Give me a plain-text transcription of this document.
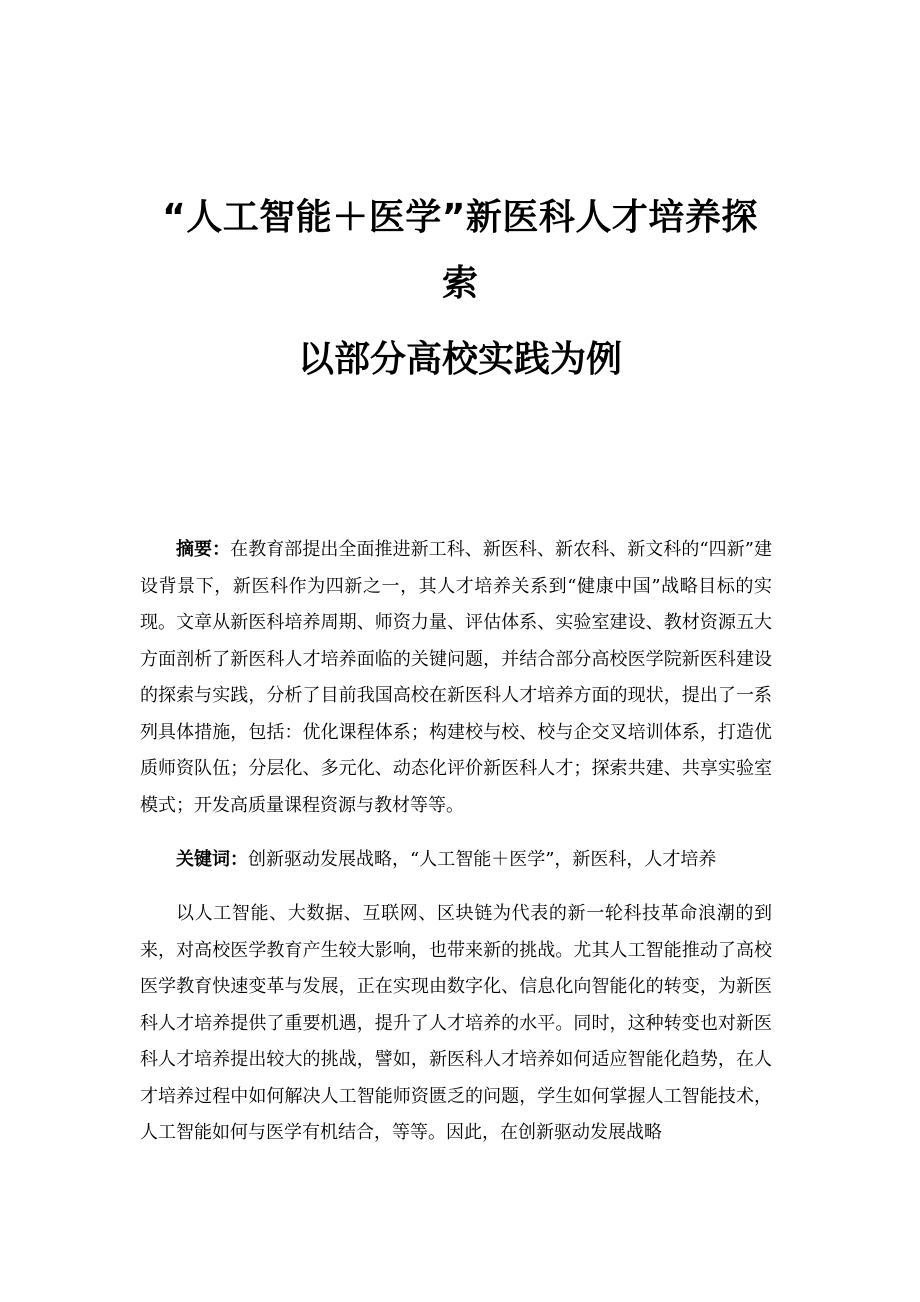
“人工智能＋医学”新医科人才培养探
索
以部分高校实践为例

摘要：在教育部提出全面推进新工科、新医科、新农科、新文科的“四新”建设背景下，新医科作为四新之一，其人才培养关系到“健康中国”战略目标的实现。文章从新医科培养周期、师资力量、评估体系、实验室建设、教材资源五大方面剖析了新医科人才培养面临的关键问题，并结合部分高校医学院新医科建设的探索与实践，分析了目前我国高校在新医科人才培养方面的现状，提出了一系列具体措施，包括：优化课程体系；构建校与校、校与企交叉培训体系，打造优质师资队伍；分层化、多元化、动态化评价新医科人才；探索共建、共享实验室模式；开发高质量课程资源与教材等等。

关键词：创新驱动发展战略，“人工智能＋医学”，新医科，人才培养

以人工智能、大数据、互联网、区块链为代表的新一轮科技革命浪潮的到来，对高校医学教育产生较大影响，也带来新的挑战。尤其人工智能推动了高校医学教育快速变革与发展，正在实现由数字化、信息化向智能化的转变，为新医科人才培养提供了重要机遇，提升了人才培养的水平。同时，这种转变也对新医科人才培养提出较大的挑战，譬如，新医科人才培养如何适应智能化趋势，在人才培养过程中如何解决人工智能师资匮乏的问题，学生如何掌握人工智能技术，人工智能如何与医学有机结合，等等。因此，在创新驱动发展战略
